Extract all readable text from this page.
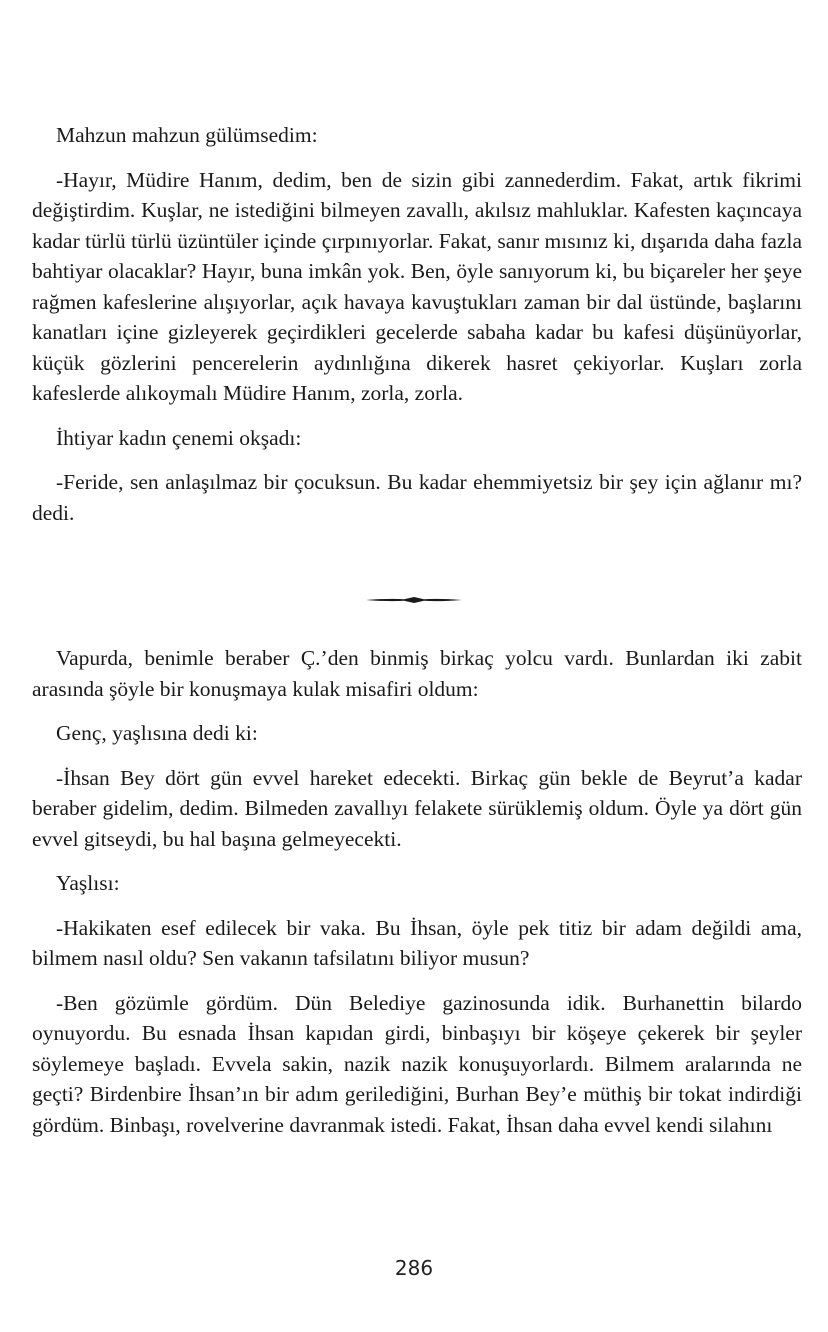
Mahzun mahzun gülümsedim:

-Hayır, Müdire Hanım, dedim, ben de sizin gibi zannederdim. Fakat, artık fikrimi değiştirdim. Kuşlar, ne istediğini bilmeyen zavallı, akılsız mahluklar. Kafesten kaçıncaya kadar türlü türlü üzüntüler içinde çırpınıyorlar. Fakat, sanır mısınız ki, dışarıda daha fazla bahtiyar olacaklar? Hayır, buna imkân yok. Ben, öyle sanıyorum ki, bu biçareler her şeye rağmen kafeslerine alışıyorlar, açık havaya kavuştukları zaman bir dal üstünde, başlarını kanatları içine gizleyerek geçirdikleri gecelerde sabaha kadar bu kafesi düşünüyorlar, küçük gözlerini pencerelerin aydınlığına dikerek hasret çekiyorlar. Kuşları zorla kafeslerde alıkoymalı Müdire Hanım, zorla, zorla.

İhtiyar kadın çenemi okşadı:

-Feride, sen anlaşılmaz bir çocuksun. Bu kadar ehemmiyetsiz bir şey için ağlanır mı? dedi.

Vapurda, benimle beraber Ç.’den binmiş birkaç yolcu vardı. Bunlardan iki zabit arasında şöyle bir konuşmaya kulak misafiri oldum:

Genç, yaşlısına dedi ki:

-İhsan Bey dört gün evvel hareket edecekti. Birkaç gün bekle de Beyrut’a kadar beraber gidelim, dedim. Bilmeden zavallıyı felakete sürüklemiş oldum. Öyle ya dört gün evvel gitseydi, bu hal başına gelmeyecekti.

Yaşlısı:

-Hakikaten esef edilecek bir vaka. Bu İhsan, öyle pek titiz bir adam değildi ama, bilmem nasıl oldu? Sen vakanın tafsilatını biliyor musun?

-Ben gözümle gördüm. Dün Belediye gazinosunda idik. Burhanettin bilardo oynuyordu. Bu esnada İhsan kapıdan girdi, binbaşıyı bir köşeye çekerek bir şeyler söylemeye başladı. Evvela sakin, nazik nazik konuşuyorlardı. Bilmem aralarında ne geçti? Birdenbire İhsan’ın bir adım gerilediğini, Burhan Bey’e müthiş bir tokat indirdiği gördüm. Binbaşı, rovelverine davranmak istedi. Fakat, İhsan daha evvel kendi silahını

286
